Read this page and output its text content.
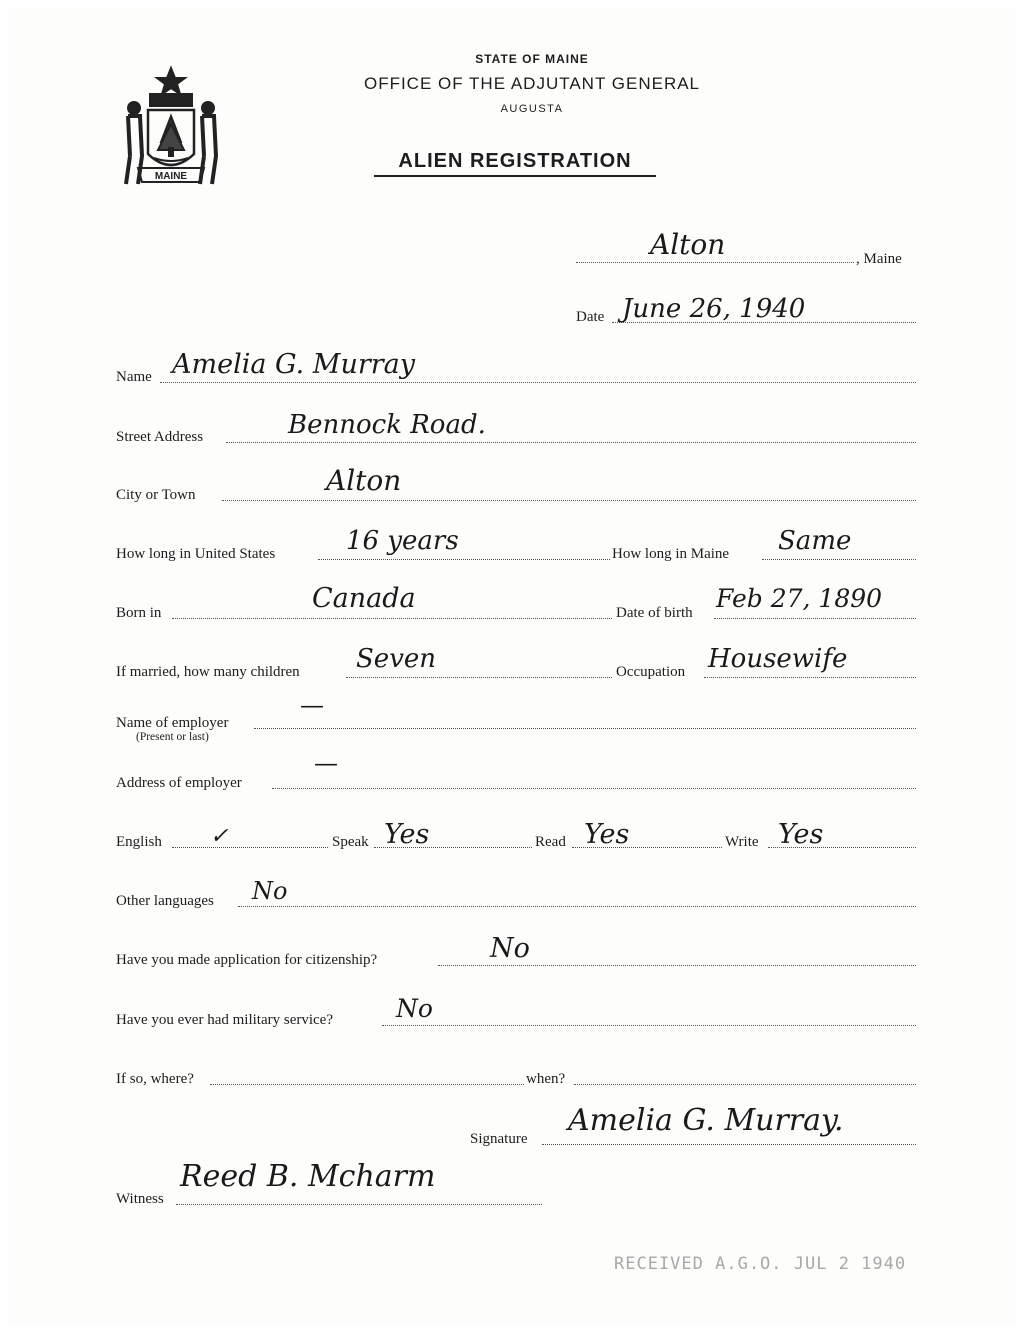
MAINE
STATE OF MAINE
OFFICE OF THE ADJUTANT GENERAL
AUGUSTA
ALIEN REGISTRATION
Alton	, Maine
Date June 26, 1940
Name Amelia G. Murray
Street Address	Bennock Road.
City or Town	Alton
How long in United States	16 years	How long in Maine Same
Born in	Canada	Date of birth Feb 27, 1890
If married, how many children Seven	Occupation Housewife
Name of employer
(Present or last)
—
Address of employer
—
English ✓	Speak Yes	Read Yes	Write Yes
Other languages No
Have you made application for citizenship?	No
Have you ever had military service?	No
If so, where?	when?
Signature
Amelia G. Murray.
Witness
Reed B. Mcharm
RECEIVED A.G.O. JUL 2 1940
